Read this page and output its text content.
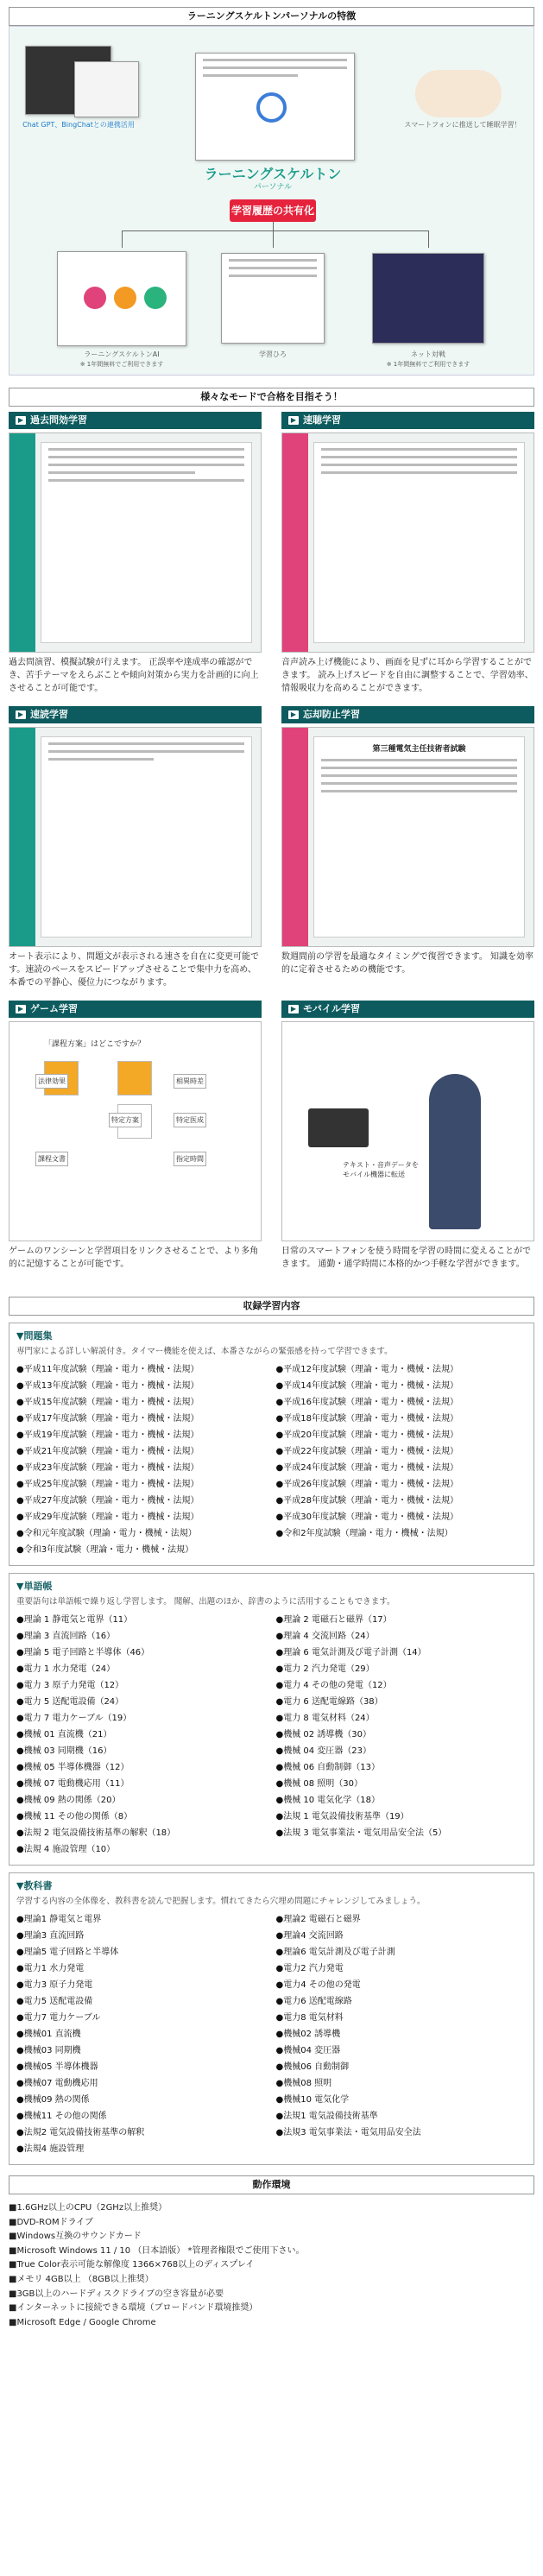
ラーニングスケルトンパーソナルの特徴
Chat GPT、BingChatとの連携活用
ラーニングスケルトン
パーソナル
スマートフォンに推送して睡眠学習！
学習履歴の共有化
ラーニングスケルトンAI
※ 1年間無料でご利用できます
学習ひろ	ネット対戦
※ 1年間無料でご利用できます
様々なモードで合格を目指そう！
▶ 過去問効学習
過去問演習、模擬試験が行えます。 正誤率や達成率の確認ができ、苦手テーマをえらぶことや傾向対策から実力を計画的に向上させることが可能です。
▶ 速聴学習
音声読み上げ機能により、画面を見ずに耳から学習することができます。 読み上げスピードを自由に調整することで、学習効率、情報吸収力を高めることができます。
▶ 速読学習
オート表示により、問題文が表示される速さを自在に変更可能です。速読のペースをスピードアップさせることで集中力を高め、本番での平静心、優位力につながります。
▶ 忘却防止学習
第三種電気主任技術者試験
数週間前の学習を最適なタイミングで復習できます。 知識を効率的に定着させるための機能です。
▶ ゲーム学習
「課程方案」はどこですか？
法律効果	相異時差
特定方案	特定医成
課程文書	指定時間
ゲームのワンシーンと学習項目をリンクさせることで、より多角的に記憶することが可能です。
▶ モバイル学習
テキスト・音声データをモバイル機器に転送
日常のスマートフォンを使う時間を学習の時間に変えることができます。 通勤・通学時間に本格的かつ手軽な学習ができます。
収録学習内容
▼問題集
専門家による詳しい解説付き。タイマー機能を使えば、本番さながらの緊張感を持って学習できます。
●平成11年度試験（理論・電力・機械・法規）
●平成13年度試験（理論・電力・機械・法規）
●平成15年度試験（理論・電力・機械・法規）
●平成17年度試験（理論・電力・機械・法規）
●平成19年度試験（理論・電力・機械・法規）
●平成21年度試験（理論・電力・機械・法規）
●平成23年度試験（理論・電力・機械・法規）
●平成25年度試験（理論・電力・機械・法規）
●平成27年度試験（理論・電力・機械・法規）
●平成29年度試験（理論・電力・機械・法規）
●令和元年度試験（理論・電力・機械・法規）
●令和3年度試験（理論・電力・機械・法規）
●平成12年度試験（理論・電力・機械・法規）
●平成14年度試験（理論・電力・機械・法規）
●平成16年度試験（理論・電力・機械・法規）
●平成18年度試験（理論・電力・機械・法規）
●平成20年度試験（理論・電力・機械・法規）
●平成22年度試験（理論・電力・機械・法規）
●平成24年度試験（理論・電力・機械・法規）
●平成26年度試験（理論・電力・機械・法規）
●平成28年度試験（理論・電力・機械・法規）
●平成30年度試験（理論・電力・機械・法規）
●令和2年度試験（理論・電力・機械・法規）
▼単語帳
重要語句は単語帳で繰り返し学習します。 聞解、出題のほか、辞書のように活用することもできます。
●理論 1 静電気と電界（11）
●理論 3 直流回路（16）
●理論 5 電子回路と半導体（46）
●電力 1 水力発電（24）
●電力 3 原子力発電（12）
●電力 5 送配電設備（24）
●電力 7 電力ケーブル（19）
●機械 01 直流機（21）
●機械 03 同期機（16）
●機械 05 半導体機器（12）
●機械 07 電動機応用（11）
●機械 09 熱の関係（20）
●機械 11 その他の関係（8）
●法規 2 電気設備技術基準の解釈（18）
●法規 4 施設管理（10）
●理論 2 電磁石と磁界（17）
●理論 4 交流回路（24）
●理論 6 電気計測及び電子計測（14）
●電力 2 汽力発電（29）
●電力 4 その他の発電（12）
●電力 6 送配電線路（38）
●電力 8 電気材料（24）
●機械 02 誘導機（30）
●機械 04 変圧器（23）
●機械 06 自動制御（13）
●機械 08 照明（30）
●機械 10 電気化学（18）
●法規 1 電気設備技術基準（19）
●法規 3 電気事業法・電気用品安全法（5）
▼教科書
学習する内容の全体像を、教科書を読んで把握します。慣れてきたら穴埋め問題にチャレンジしてみましょう。
●理論1 静電気と電界
●理論3 直流回路
●理論5 電子回路と半導体
●電力1 水力発電
●電力3 原子力発電
●電力5 送配電設備
●電力7 電力ケーブル
●機械01 直流機
●機械03 同期機
●機械05 半導体機器
●機械07 電動機応用
●機械09 熱の関係
●機械11 その他の関係
●法規2 電気設備技術基準の解釈
●法規4 施設管理
●理論2 電磁石と磁界
●理論4 交流回路
●理論6 電気計測及び電子計測
●電力2 汽力発電
●電力4 その他の発電
●電力6 送配電線路
●電力8 電気材料
●機械02 誘導機
●機械04 変圧器
●機械06 自動制御
●機械08 照明
●機械10 電気化学
●法規1 電気設備技術基準
●法規3 電気事業法・電気用品安全法
動作環境
■1.6GHz以上のCPU（2GHz以上推奨）
■DVD-ROMドライブ
■Windows互換のサウンドカード
■Microsoft Windows 11 / 10 （日本語版） *管理者権限でご使用下さい。
■True Color表示可能な解像度 1366×768以上のディスプレイ
■メモリ 4GB以上 （8GB以上推奨）
■3GB以上のハードディスクドライブの空き容量が必要
■インターネットに接続できる環境（ブロードバンド環境推奨）
■Microsoft Edge / Google Chrome
